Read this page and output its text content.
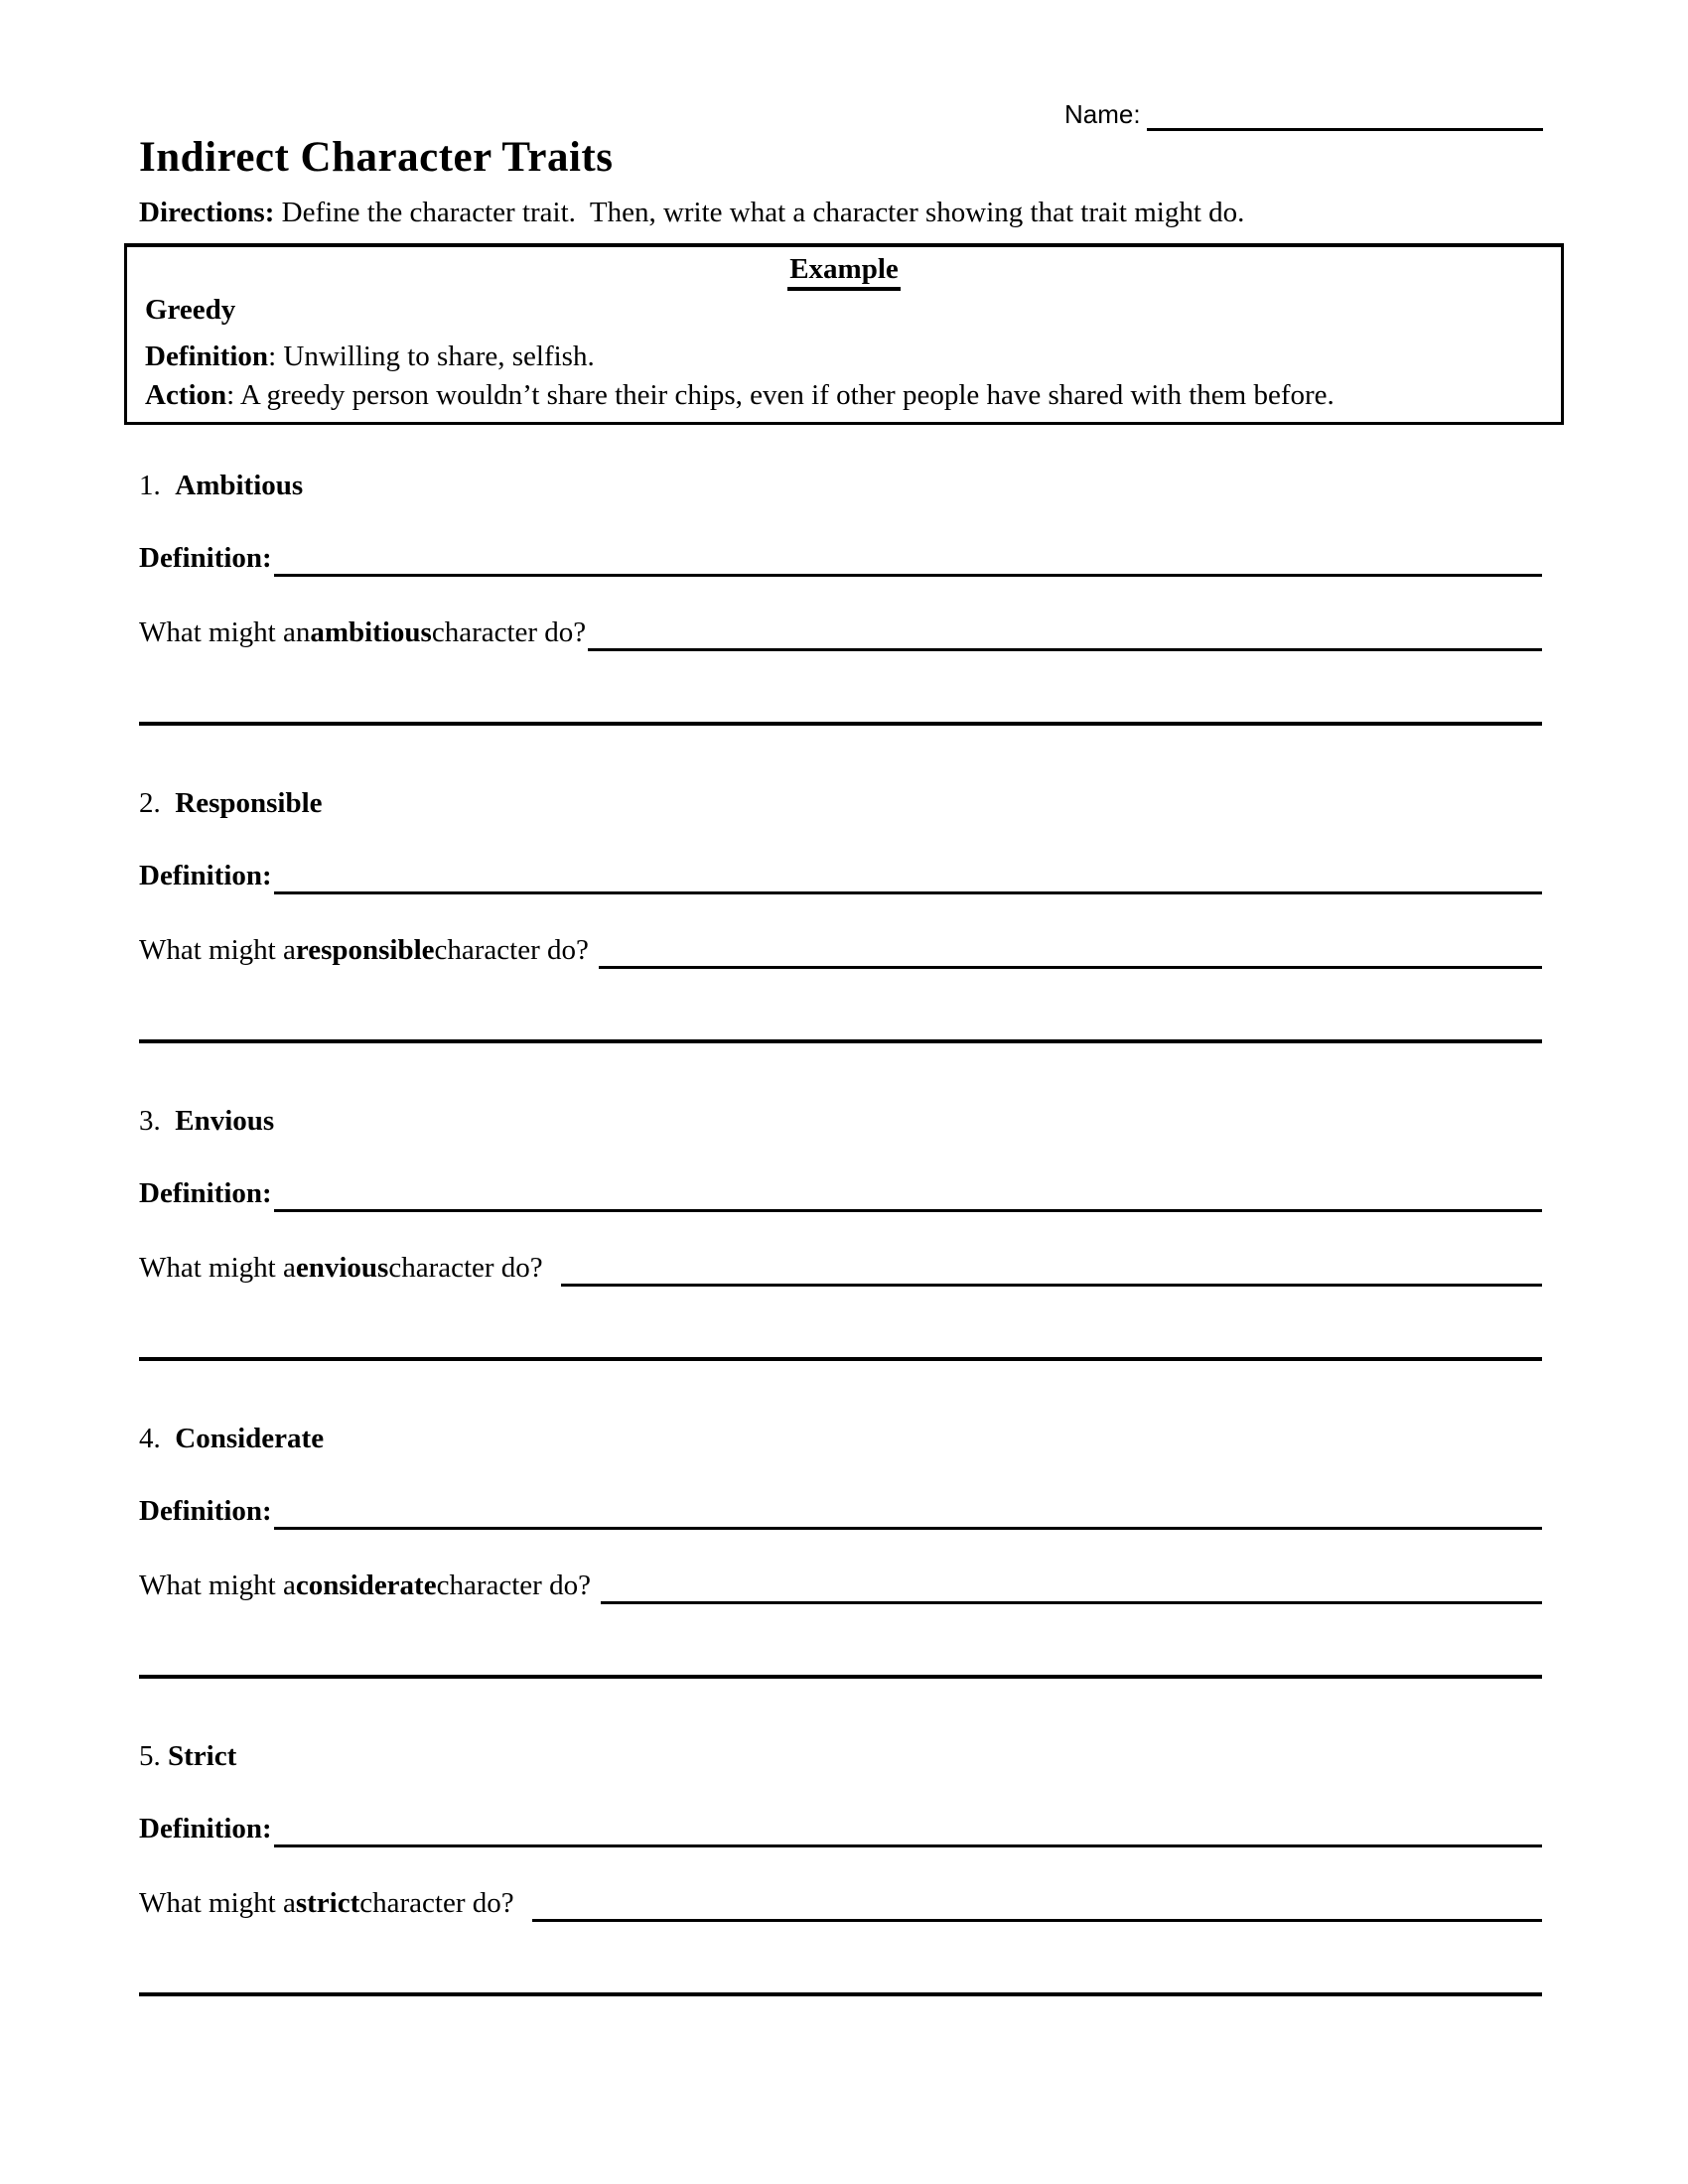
Name:
Indirect Character Traits
Directions: Define the character trait.  Then, write what a character showing that trait might do.
Example
Greedy
Definition: Unwilling to share, selfish.
Action: A greedy person wouldn’t share their chips, even if other people have shared with them before.
1.  Ambitious
Definition:
What might an ambitious character do?
2.  Responsible
Definition:
What might a responsible character do?
3.  Envious
Definition:
What might a envious character do?
4.  Considerate
Definition:
What might a considerate character do?
5. Strict
Definition:
What might a strict character do?
